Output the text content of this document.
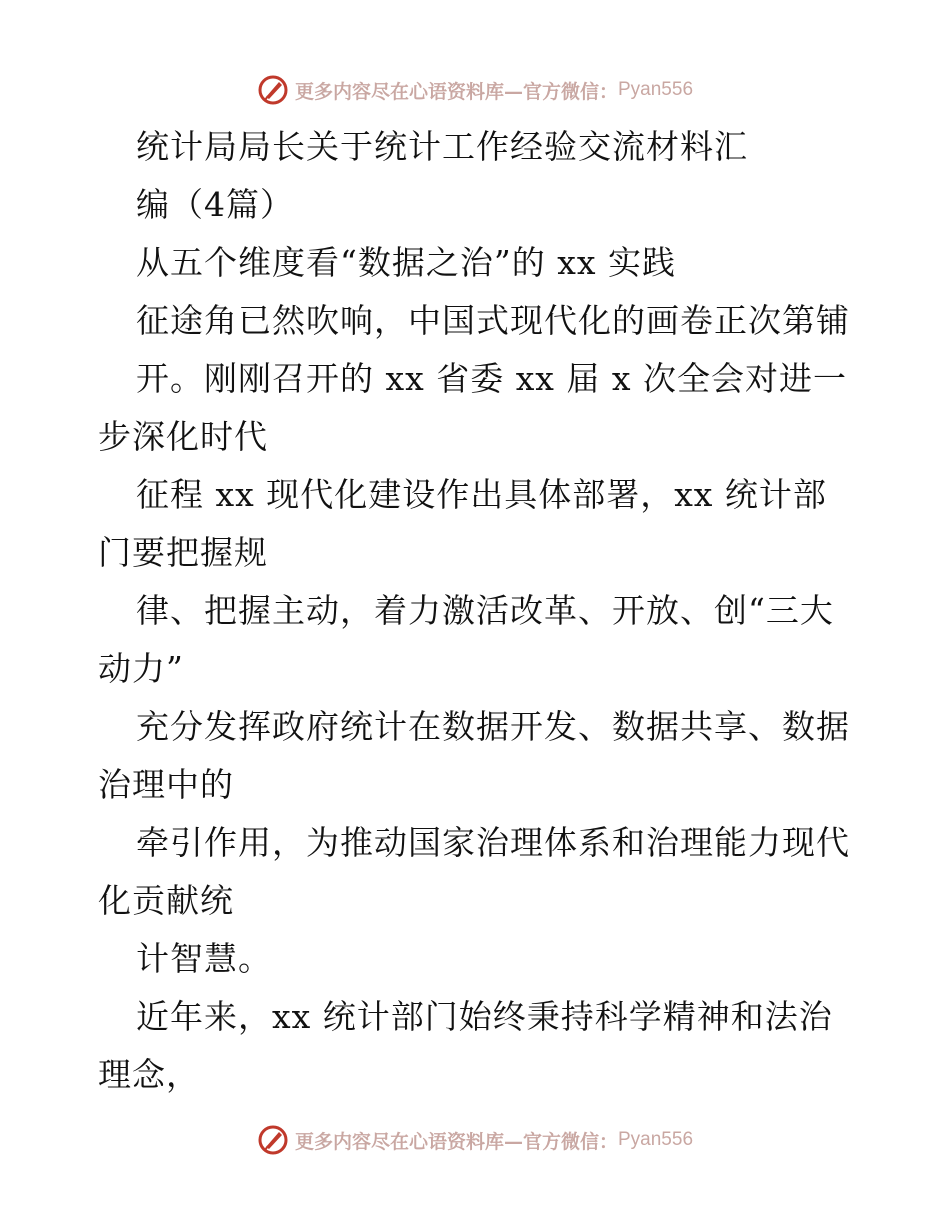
更多内容尽在心语资料库—官方微信： Pyan556
统计局局长关于统计工作经验交流材料汇
编（4篇）
从五个维度看“数据之治”的 xx 实践
征途角已然吹响，中国式现代化的画卷正次第铺
开。刚刚召开的 xx 省委 xx 届 x 次全会对进一
步深化时代
征程 xx 现代化建设作出具体部署，xx 统计部
门要把握规
律、把握主动，着力激活改革、开放、创“三大
动力”
充分发挥政府统计在数据开发、数据共享、数据
治理中的
牵引作用，为推动国家治理体系和治理能力现代
化贡献统
计智慧。
近年来，xx 统计部门始终秉持科学精神和法治
理念，
更多内容尽在心语资料库—官方微信： Pyan556
